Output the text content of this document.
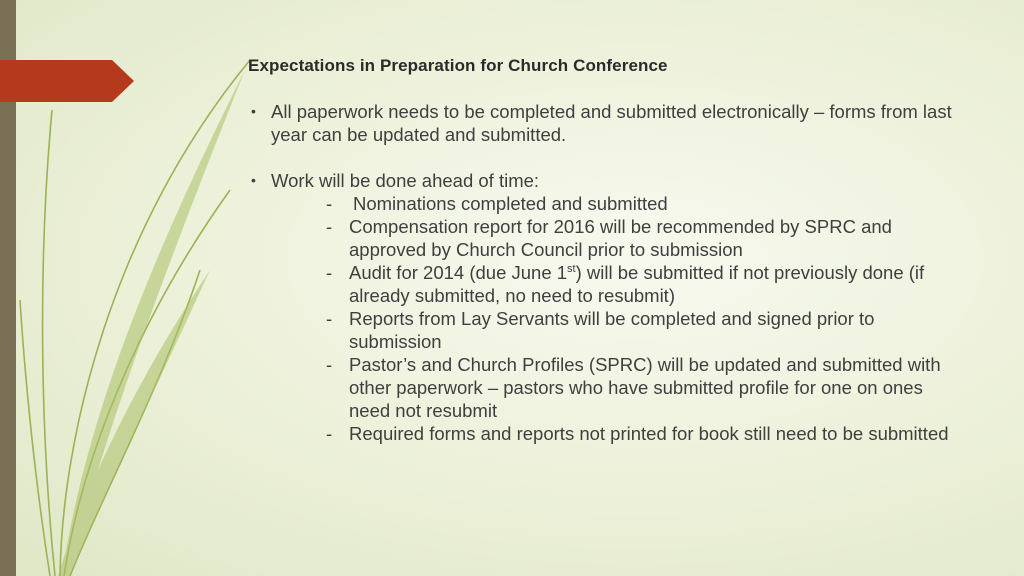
Expectations in Preparation for Church Conference
• All paperwork needs to be completed and submitted electronically – forms from last year can be updated and submitted.
• Work will be done ahead of time:
- Nominations completed and submitted
- Compensation report for 2016 will be recommended by SPRC and approved by Church Council prior to submission
- Audit for 2014 (due June 1st) will be submitted if not previously done (if already submitted, no need to resubmit)
- Reports from Lay Servants will be completed and signed prior to submission
- Pastor’s and Church Profiles (SPRC) will be updated and submitted with other paperwork – pastors who have submitted profile for one on ones need not resubmit
- Required forms and reports not printed for book still need to be submitted
